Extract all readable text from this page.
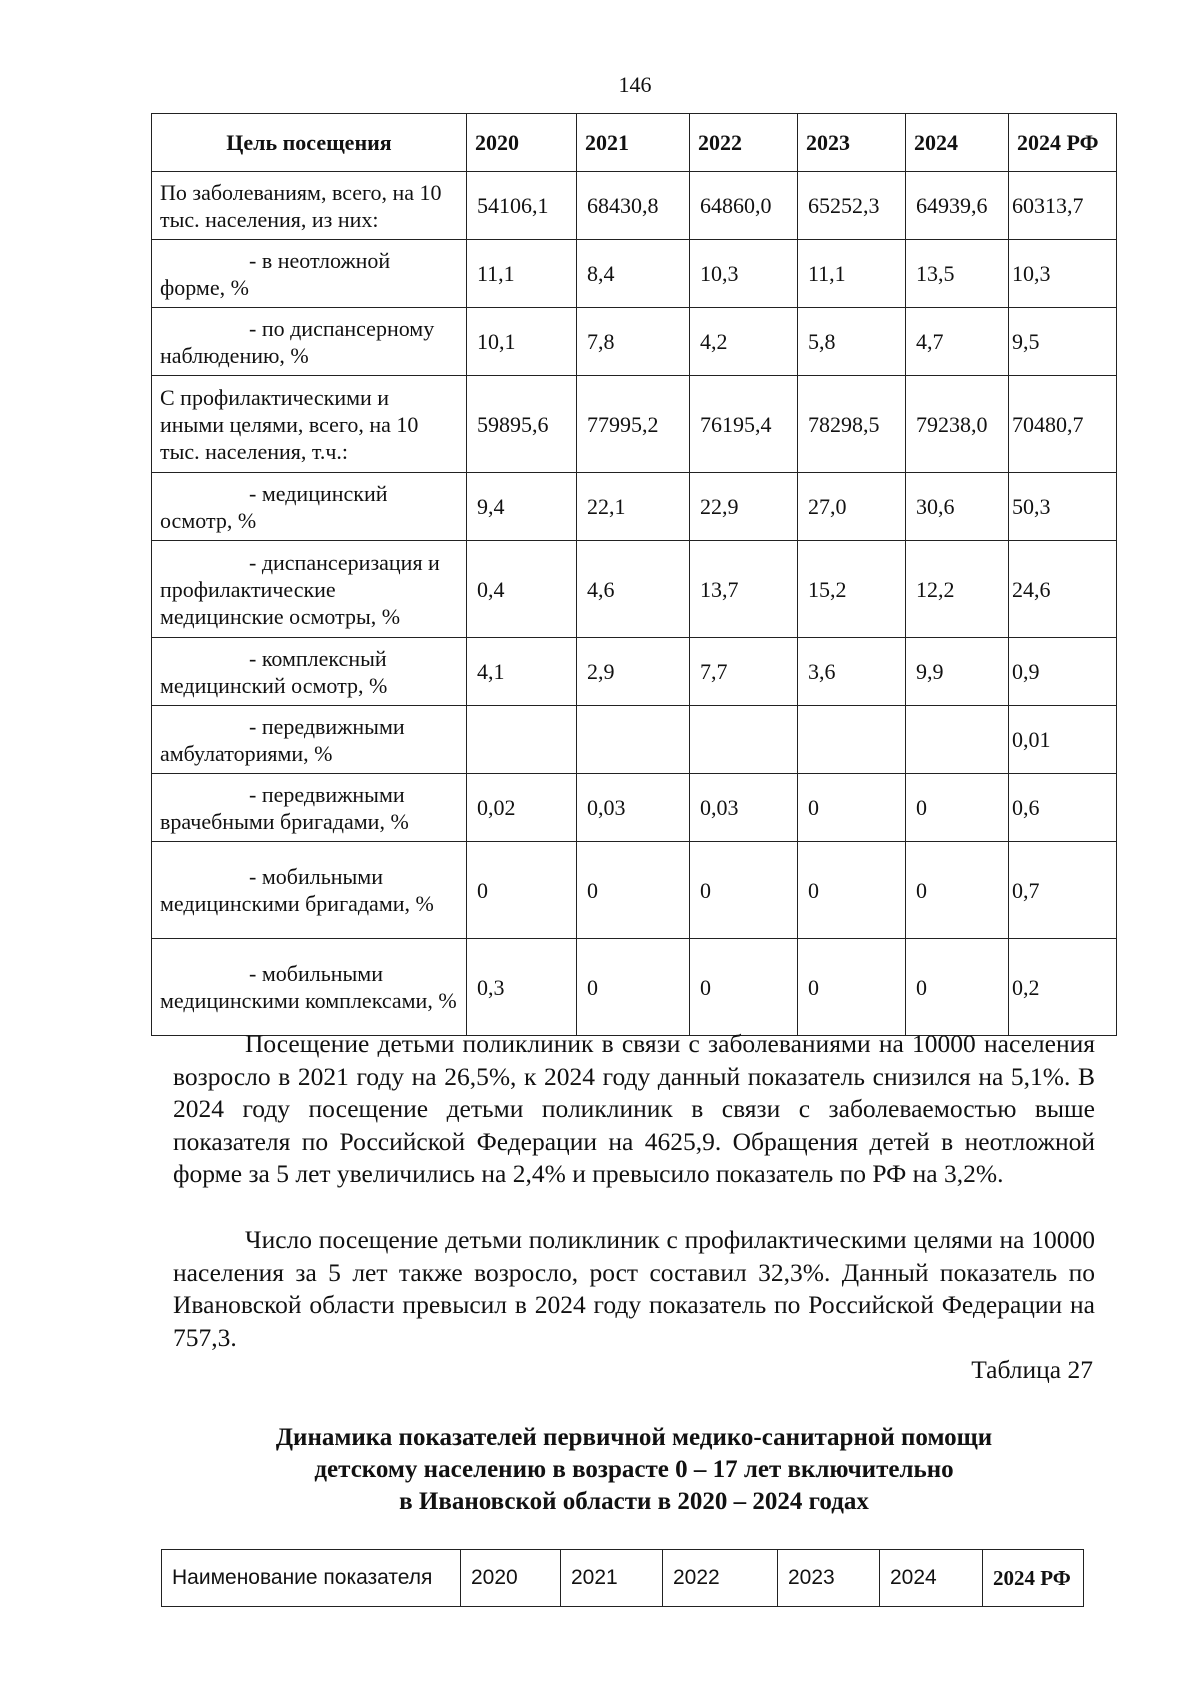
146
Цель посещения	2020	2021	2022	2023	2024	2024 РФ
По заболеваниям, всего, на 10 тыс. населения, из них:	54106,1	68430,8	64860,0	65252,3	64939,6	60313,7

- в неотложной форме, %	11,1	8,4	10,3	11,1	13,5	10,3

- по диспансерному наблюдению, %	10,1	7,8	4,2	5,8	4,7	9,5
С профилактическими и иными целями, всего, на 10 тыс. населения, т.ч.:	59895,6	77995,2	76195,4	78298,5	79238,0	70480,7

- медицинский осмотр, %	9,4	22,1	22,9	27,0	30,6	50,3

- диспансеризация и профилактические медицинские осмотры, %	0,4	4,6	13,7	15,2	12,2	24,6

- комплексный медицинский осмотр, %	4,1	2,9	7,7	3,6	9,9	0,9

- передвижными амбулаториями, %						0,01

- передвижными врачебными бригадами, %	0,02	0,03	0,03	0	0	0,6

- мобильными медицинскими бригадами, %	0	0	0	0	0	0,7

- мобильными медицинскими комплексами, %	0,3	0	0	0	0	0,2

Посещение детьми поликлиник в связи с заболеваниями на 10000 населения возросло в 2021 году на 26,5%, к 2024 году данный показатель снизился на 5,1%. В 2024 году посещение детьми поликлиник в связи с заболеваемостью выше показателя по Российской Федерации на 4625,9. Обращения детей в неотложной форме за 5 лет увеличились на 2,4% и превысило показатель по РФ на 3,2%.

Число посещение детьми поликлиник с профилактическими целями на 10000 населения за 5 лет также возросло, рост составил 32,3%. Данный показатель по Ивановской области превысил в 2024 году показатель по Российской Федерации на 757,3.

Таблица 27
Динамика показателей первичной медико-санитарной помощи
детскому населению в возрасте 0 – 17 лет включительно
в Ивановской области в 2020 – 2024 годах
Наименование показателя	2020	2021	2022	2023	2024	2024 РФ
